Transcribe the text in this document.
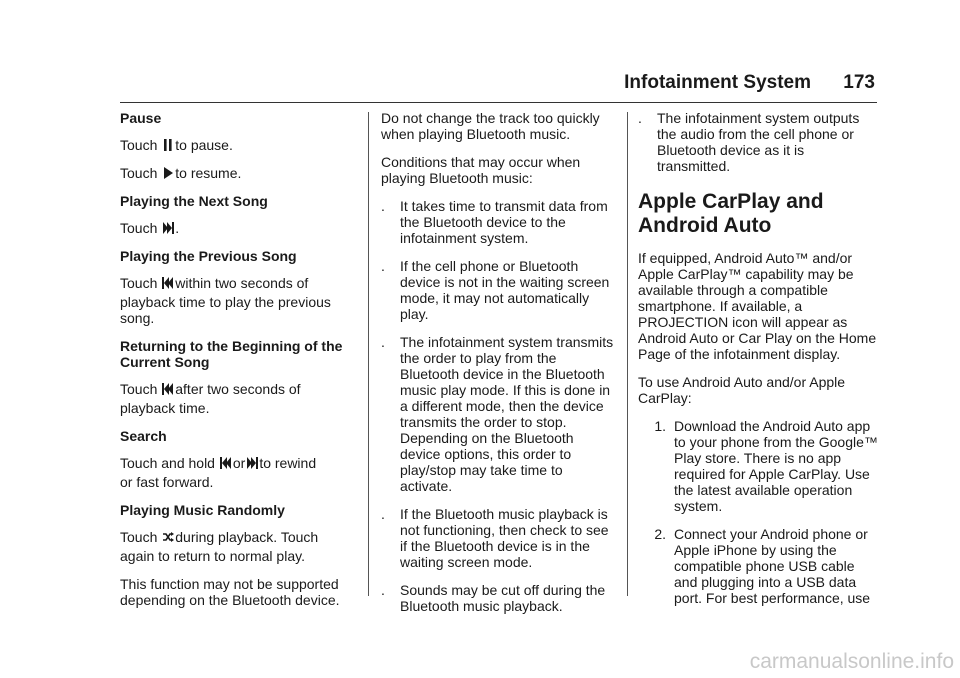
Infotainment System 173

Pause

Touch
to pause.
Touch
to resume.

Playing the Next Song

Touch
.

Playing the Previous Song

Touch
within two seconds of

playback time to play the previous song.

Returning to the Beginning of the Current Song

Touch
after two seconds of

playback time.

Search

Touch and hold
or to rewind

or fast forward.

Playing Music Randomly

Touch
during playback. Touch

again to return to normal play.

This function may not be supported depending on the Bluetooth device.

Do not change the track too quickly when playing Bluetooth music.

Conditions that may occur when playing Bluetooth music:

.	It takes time to transmit data from the Bluetooth device to the infotainment system.
.	If the cell phone or Bluetooth device is not in the waiting screen mode, it may not automatically play.
.	The infotainment system transmits the order to play from the Bluetooth device in the Bluetooth music play mode. If this is done in a different mode, then the device transmits the order to stop. Depending on the Bluetooth device options, this order to play/stop may take time to activate.
.	If the Bluetooth music playback is not functioning, then check to see if the Bluetooth device is in the waiting screen mode.
.	Sounds may be cut off during the Bluetooth music playback.
.	The infotainment system outputs the audio from the cell phone or Bluetooth device as it is transmitted.
Apple CarPlay and Android Auto

If equipped, Android Auto™ and/or Apple CarPlay™ capability may be available through a compatible smartphone. If available, a PROJECTION icon will appear as Android Auto or Car Play on the Home Page of the infotainment display.

To use Android Auto and/or Apple CarPlay:

1. Download the Android Auto app to your phone from the Google™ Play store. There is no app required for Apple CarPlay. Use the latest available operation system.
2. Connect your Android phone or Apple iPhone by using the compatible phone USB cable and plugging into a USB data port. For best performance, use
carmanualsonline.info
